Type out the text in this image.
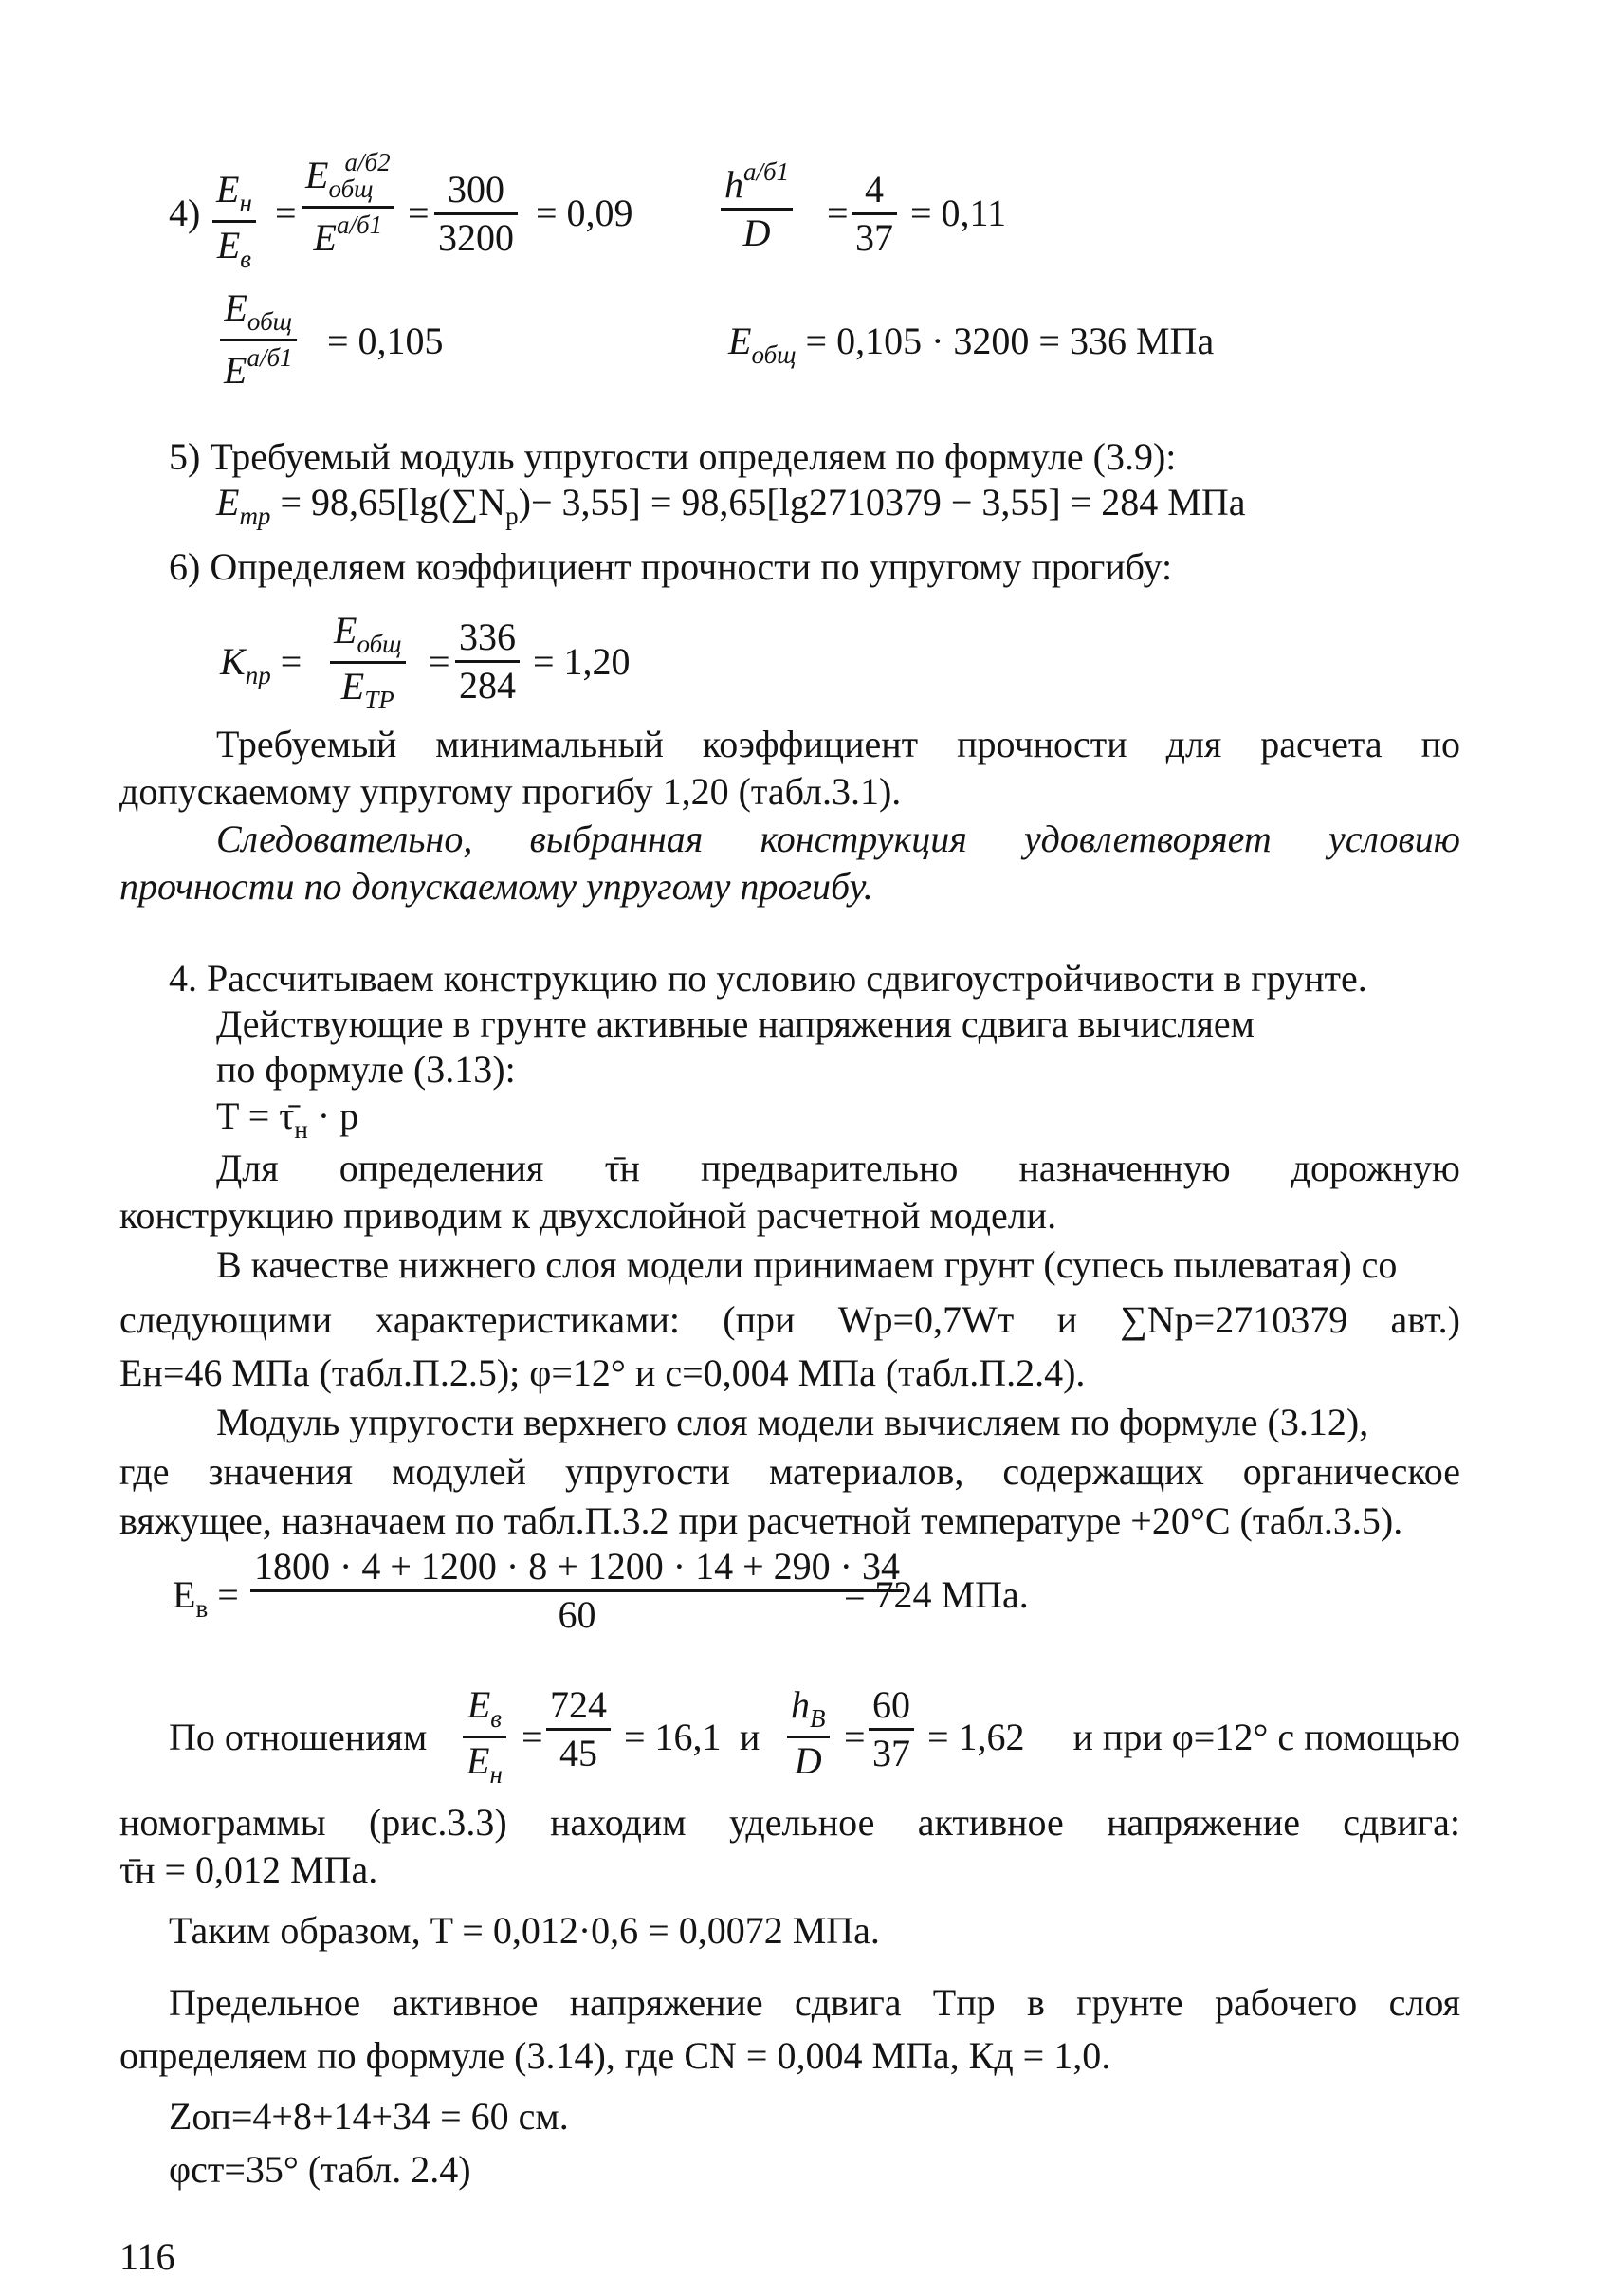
4)
$E_н$
$E_в$
=
$E_{общ}^{а/б2}$
$E^{а/б1}$ =
300
3200
= 0,09
$h^{а/б1}$
D =
4
37
= 0,11
$E_{общ}$
$E^{а/б1} = 0,105$	$E_{общ} = 0,105 \cdot 3200 = 336$ МПа
5) Требуемый модуль упругости определяем по формуле (3.9):
$E_{тр} = 98,65[\lg(\sum N_р)- 3,55] = 98,65[\lg 2710379 - 3,55] = 284$ МПа
6) Определяем коэффициент прочности по упругому прогибу:
$K_{пр}$ =
$E_{общ}$
$E_{ТР}$
=
336
284
= 1,20
Требуемый минимальный коэффициент прочности для расчета по
допускаемому упругому прогибу 1,20 (табл.3.1).
Следовательно, выбранная конструкция удовлетворяет условию
прочности по допускаемому упругому прогибу.
4. Рассчитываем конструкцию по условию сдвигоустройчивости в грунте.
Действующие в грунте активные напряжения сдвига вычисляем
по формуле (3.13):
$T = \taū_н \cdot p$
Для определения τ̄н предварительно назначенную дорожную
конструкцию приводим к двухслойной расчетной модели.
В качестве нижнего слоя модели принимаем грунт (супесь пылеватая) со
следующими характеристиками: (при Wр=0,7Wт и ∑Nр=2710379 авт.)
Eн=46 МПа (табл.П.2.5); φ=12° и с=0,004 МПа (табл.П.2.4).
Модуль упругости верхнего слоя модели вычисляем по формуле (3.12),
где значения модулей упругости материалов, содержащих органическое
вяжущее, назначаем по табл.П.3.2 при расчетной температуре +20°С (табл.3.5).
$E_в$ =
1800 · 4 + 1200 · 8 + 1200 · 14 + 290 · 34
60	= 724 МПа.
По отношениям
$E_в$
$E_н$
=
724
45 = 16,1 и
$h_В$
D
=
60
37 = 1,62	и при φ=12° с помощью
номограммы (рис.3.3) находим удельное активное напряжение сдвига:
τ̄н = 0,012 МПа.
Таким образом, T = 0,012·0,6 = 0,0072 МПа.
Предельное активное напряжение сдвига Tпр в грунте рабочего слоя
определяем по формуле (3.14), где СN = 0,004 МПа, Кд = 1,0.
Zоп=4+8+14+34 = 60 см.
φст=35° (табл. 2.4)
116
